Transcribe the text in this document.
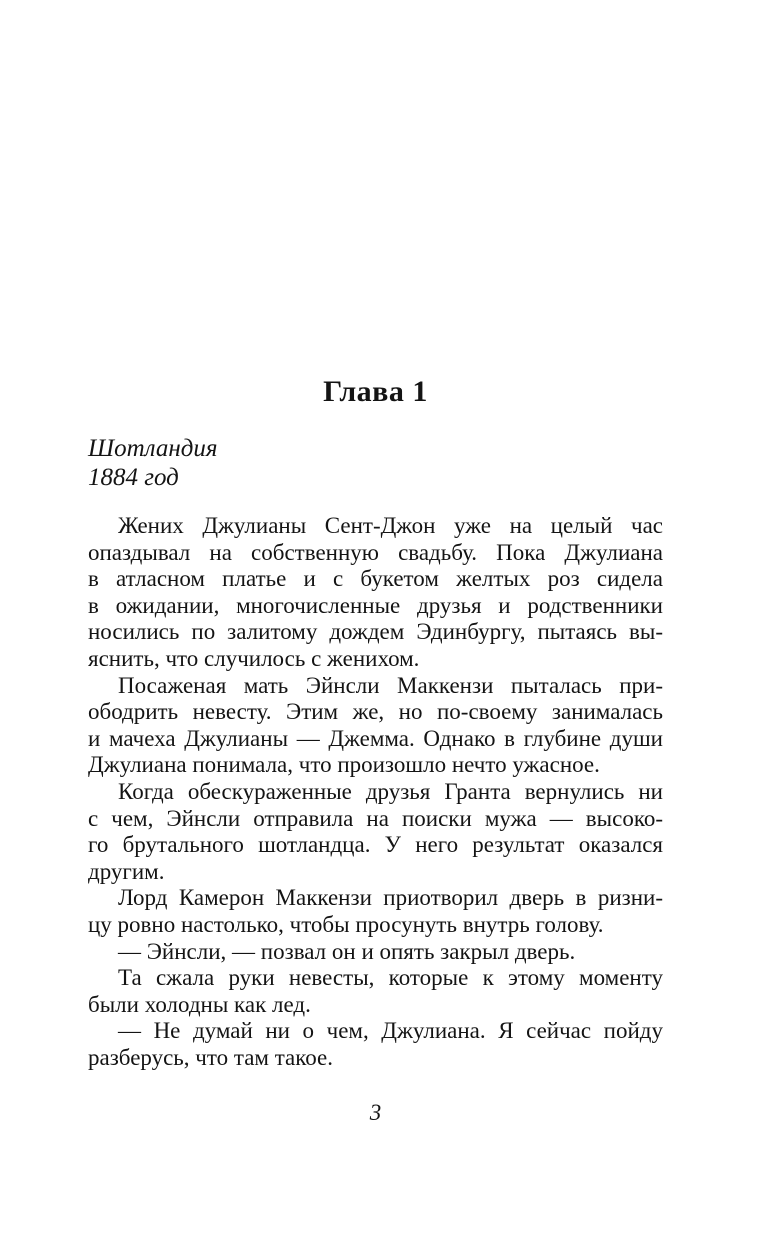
Глава 1
Шотландия
1884 год
Жених Джулианы Сент-Джон уже на целый час
опаздывал на собственную свадьбу. Пока Джулиана
в атласном платье и с букетом желтых роз сидела
в ожидании, многочисленные друзья и родственники
носились по залитому дождем Эдинбургу, пытаясь вы-
яснить, что случилось с женихом.
Посаженая мать Эйнсли Маккензи пыталась при-
ободрить невесту. Этим же, но по-своему занималась
и мачеха Джулианы — Джемма. Однако в глубине души
Джулиана понимала, что произошло нечто ужасное.
Когда обескураженные друзья Гранта вернулись ни
с чем, Эйнсли отправила на поиски мужа — высоко-
го брутального шотландца. У него результат оказался
другим.
Лорд Камерон Маккензи приотворил дверь в ризни-
цу ровно настолько, чтобы просунуть внутрь голову.
— Эйнсли, — позвал он и опять закрыл дверь.
Та сжала руки невесты, которые к этому моменту
были холодны как лед.
— Не думай ни о чем, Джулиана. Я сейчас пойду
разберусь, что там такое.
3
